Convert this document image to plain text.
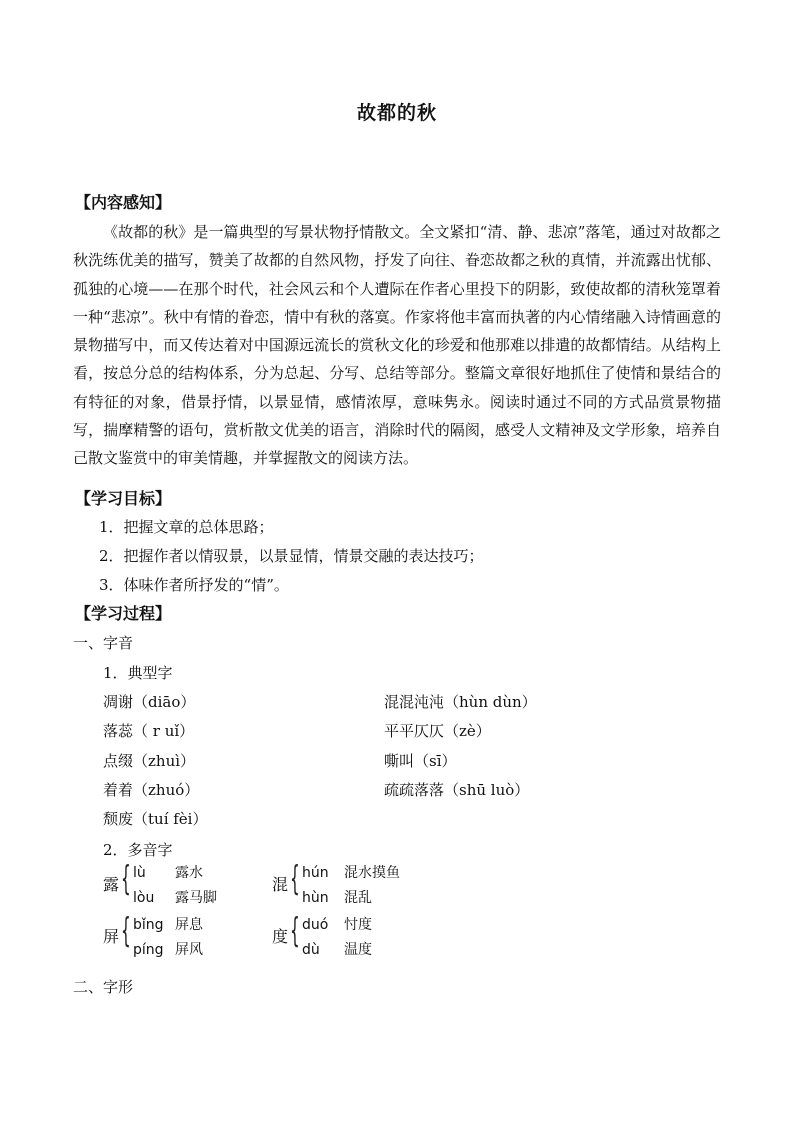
故都的秋
【内容感知】
《故都的秋》是一篇典型的写景状物抒情散文。全文紧扣“清、静、悲凉”落笔，通过对故都之秋洗练优美的描写，赞美了故都的自然风物，抒发了向往、眷恋故都之秋的真情，并流露出忧郁、孤独的心境——在那个时代，社会风云和个人遭际在作者心里投下的阴影，致使故都的清秋笼罩着一种“悲凉”。秋中有情的眷恋，情中有秋的落寞。作家将他丰富而执著的内心情绪融入诗情画意的景物描写中，而又传达着对中国源远流长的赏秋文化的珍爱和他那难以排遣的故都情结。从结构上看，按总分总的结构体系，分为总起、分写、总结等部分。整篇文章很好地抓住了使情和景结合的有特征的对象，借景抒情，以景显情，感情浓厚，意味隽永。阅读时通过不同的方式品赏景物描写，揣摩精警的语句，赏析散文优美的语言，消除时代的隔阂，感受人文精神及文学形象，培养自己散文鉴赏中的审美情趣，并掌握散文的阅读方法。
【学习目标】
1．把握文章的总体思路；
2．把握作者以情驭景，以景显情，情景交融的表达技巧；
3．体味作者所抒发的“情”。
【学习过程】
一、字音
1．典型字
凋谢（diāo）
落蕊（ r uǐ）
点缀（zhuì）
着着（zhuó）
颓废（tuí fèi）
混混沌沌（hùn dùn）
平平仄仄（zè）
嘶叫（sī）
疏疏落落（shū luò）
2．多音字
露 { lù 露水
lòu 露马脚
混 { hún 混水摸鱼
hùn 混乱
屏 { bǐng 屏息
píng 屏风
度 { duó 忖度
dù 温度
二、字形
